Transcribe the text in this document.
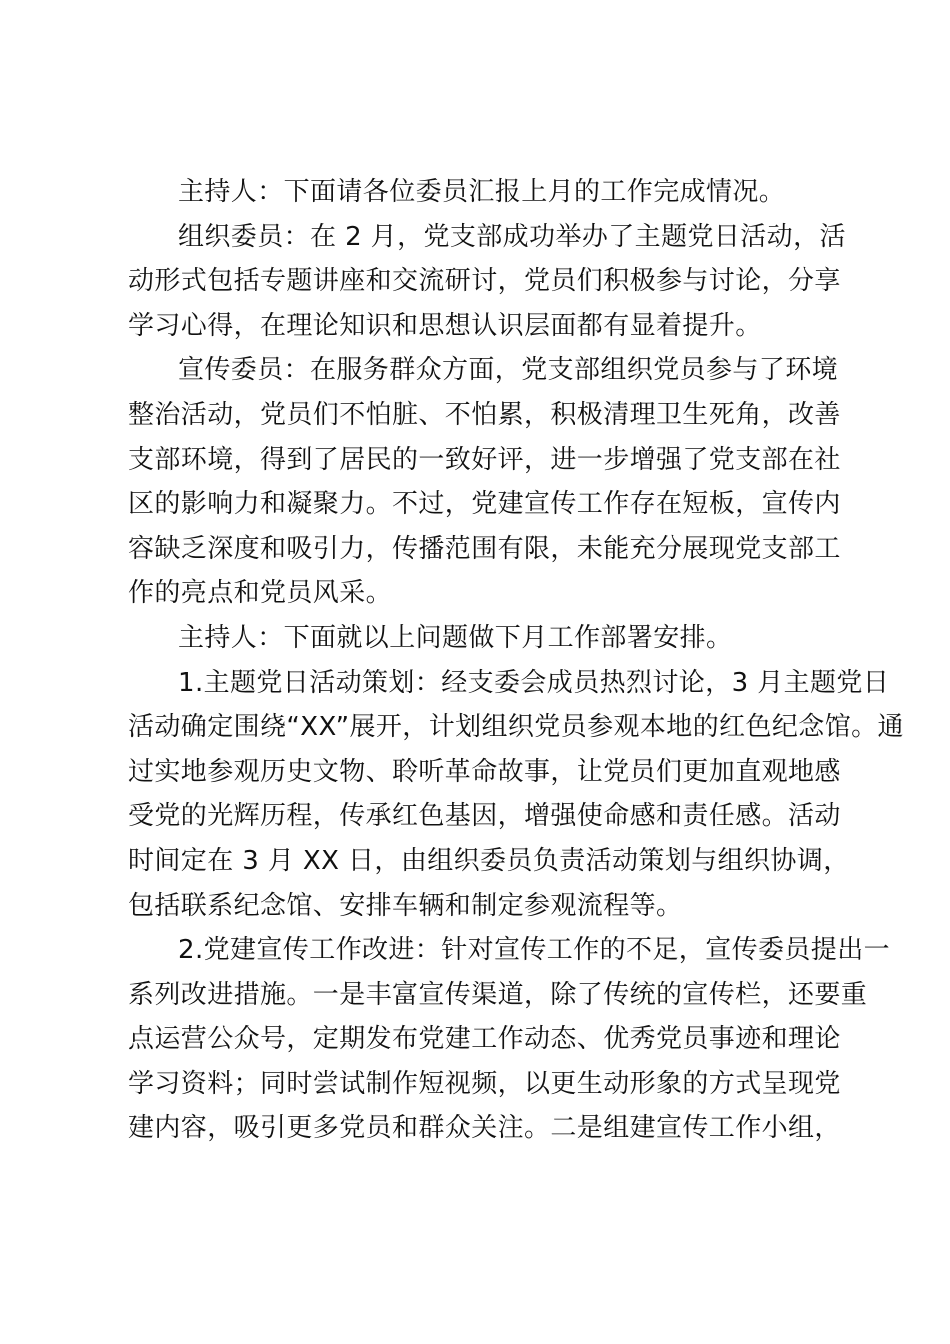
主持人：下面请各位委员汇报上月的工作完成情况。

组织委员：在 2 月，党支部成功举办了主题党日活动，活
动形式包括专题讲座和交流研讨，党员们积极参与讨论，分享
学习心得，在理论知识和思想认识层面都有显着提升。

宣传委员：在服务群众方面，党支部组织党员参与了环境
整治活动，党员们不怕脏、不怕累，积极清理卫生死角，改善
支部环境，得到了居民的一致好评，进一步增强了党支部在社
区的影响力和凝聚力。不过，党建宣传工作存在短板，宣传内
容缺乏深度和吸引力，传播范围有限，未能充分展现党支部工
作的亮点和党员风采。

主持人：下面就以上问题做下月工作部署安排。

1.主题党日活动策划：经支委会成员热烈讨论，3 月主题党日
活动确定围绕“XX”展开，计划组织党员参观本地的红色纪念馆。通
过实地参观历史文物、聆听革命故事，让党员们更加直观地感
受党的光辉历程，传承红色基因，增强使命感和责任感。活动
时间定在 3 月 XX 日，由组织委员负责活动策划与组织协调，
包括联系纪念馆、安排车辆和制定参观流程等。

2.党建宣传工作改进：针对宣传工作的不足，宣传委员提出一
系列改进措施。一是丰富宣传渠道，除了传统的宣传栏，还要重
点运营公众号，定期发布党建工作动态、优秀党员事迹和理论
学习资料；同时尝试制作短视频，以更生动形象的方式呈现党
建内容，吸引更多党员和群众关注。二是组建宣传工作小组，
